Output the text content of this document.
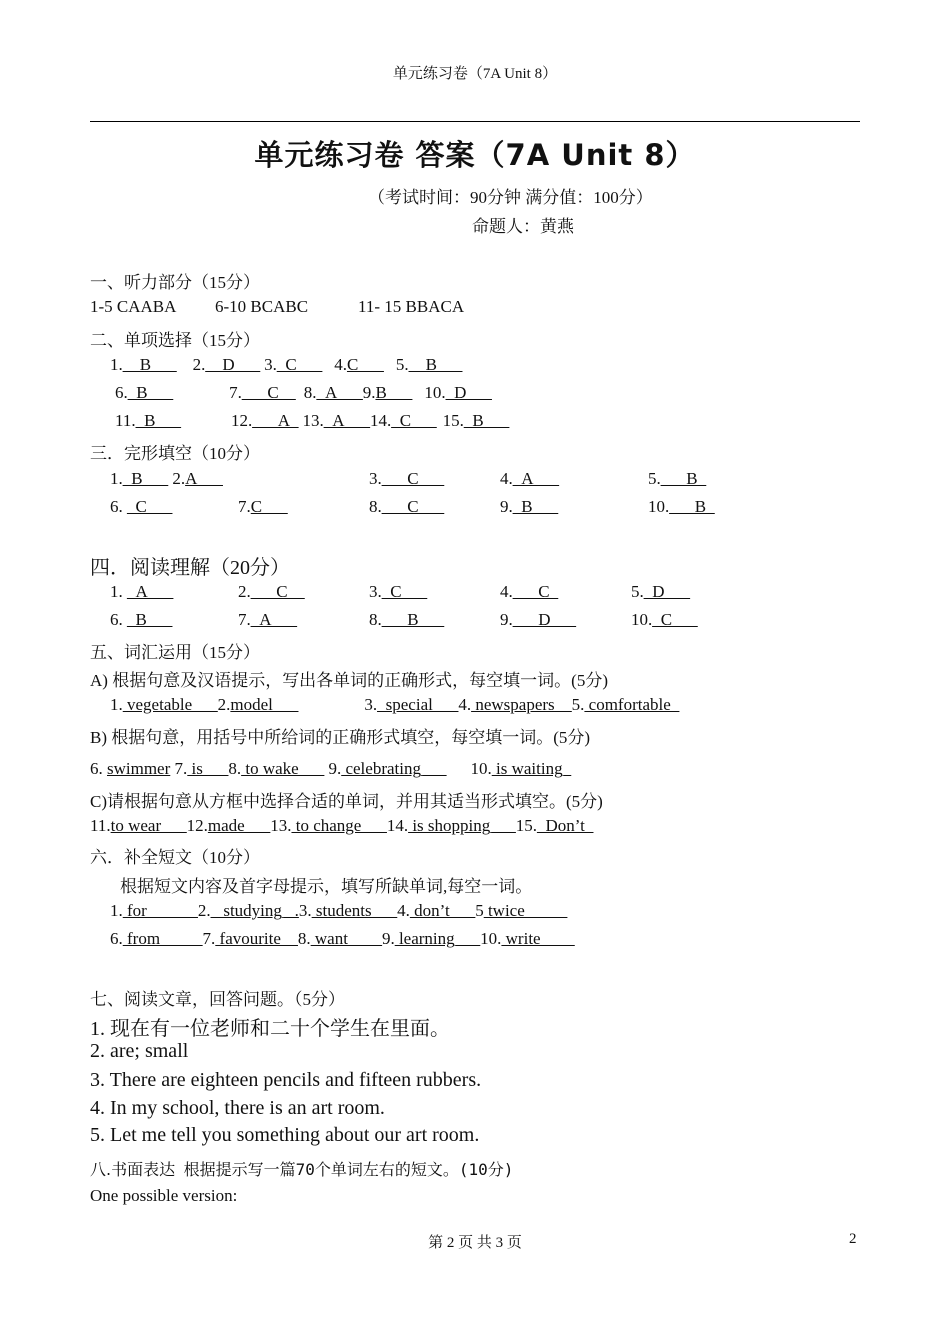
单元练习卷（7A Unit 8）
单元练习卷 答案（7A Unit 8）
（考试时间：90分钟 满分值：100分）
命题人：黄燕
一、听力部分（15分）
1-5 CAABA 6-10 BCABC	11- 15 BBACA
二、单项选择（15分）
1.__B___ 2.__D___ 3._C___ 4.C___ 5.__B___
6._B___	7.___C__ 8._A___9.B___ 10._D___
11._B___	12.___A_ 13._A___14._C___ 15._B___
三．完形填空（10分）
1._B___ 2.A___	3.___C___	4._A___	5.___B_
6. _C___	7.C___	8.___C___	9._B___	10.___B_
四．阅读理解（20分）
1. _A___	2.___C__	3._C___	4.___C_	5._D___
6. _B___	7._A___	8.___B___	9.___D___	10._C___
五、词汇运用（15分）
A) 根据句意及汉语提示，写出各单词的正确形式，每空填一词。(5分)
1. vegetable___2.model___	3._special___4. newspapers__5. comfortable_
B) 根据句意，用括号中所给词的正确形式填空，每空填一词。(5分)
6. swimmer 7. is___8. to wake___ 9. celebrating___ 10. is waiting_
C)请根据句意从方框中选择合适的单词，并用其适当形式填空。(5分)
11.to wear___12.made___13. to change___14. is shopping___15._Don’t_
六．补全短文（10分）
根据短文内容及首字母提示，填写所缺单词,每空一词。
1. for______2._ studying_ .3. students___4. don’t___5 twice_____
6. from_____7. favourite__8. want____9. learning___10. write____
七、阅读文章，回答问题。（5分）
1. 现在有一位老师和二十个学生在里面。
2. are; small
3. There are eighteen pencils and fifteen rubbers.
4. In my school, there is an art room.
5. Let me tell you something about our art room.
八.书面表达 根据提示写一篇70个单词左右的短文。(10分)
One possible version:
第 2 页 共 3 页	2
